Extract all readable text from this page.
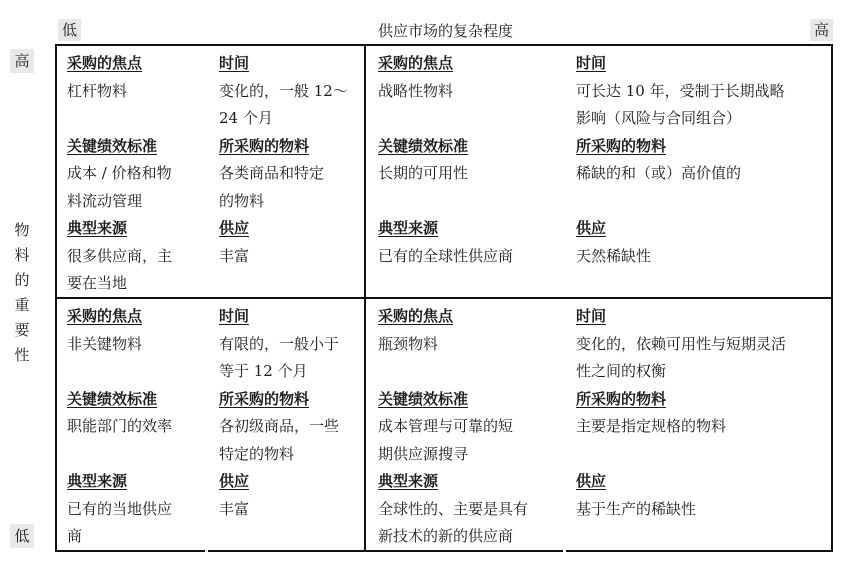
低	供应市场的复杂程度	高
高
物
料
的
重
要
性
低
采购的焦点
杠杆物料

关键绩效标准
成本 / 价格和物
料流动管理
典型来源
很多供应商，主
要在当地
时间
变化的，一般 12～
24 个月
所采购的物料
各类商品和特定
的物料
供应
丰富

采购的焦点
战略性物料

关键绩效标准
长期的可用性

典型来源
已有的全球性供应商

时间
可长达 10 年，受制于长期战略
影响（风险与合同组合）
所采购的物料
稀缺的和（或）高价值的

供应
天然稀缺性

采购的焦点
非关键物料

关键绩效标准
职能部门的效率

典型来源
已有的当地供应
商
时间
有限的，一般小于
等于 12 个月
所采购的物料
各初级商品，一些
特定的物料
供应
丰富

采购的焦点
瓶颈物料

关键绩效标准
成本管理与可靠的短
期供应源搜寻
典型来源
全球性的、主要是具有
新技术的新的供应商
时间
变化的，依赖可用性与短期灵活
性之间的权衡
所采购的物料
主要是指定规格的物料

供应
基于生产的稀缺性
